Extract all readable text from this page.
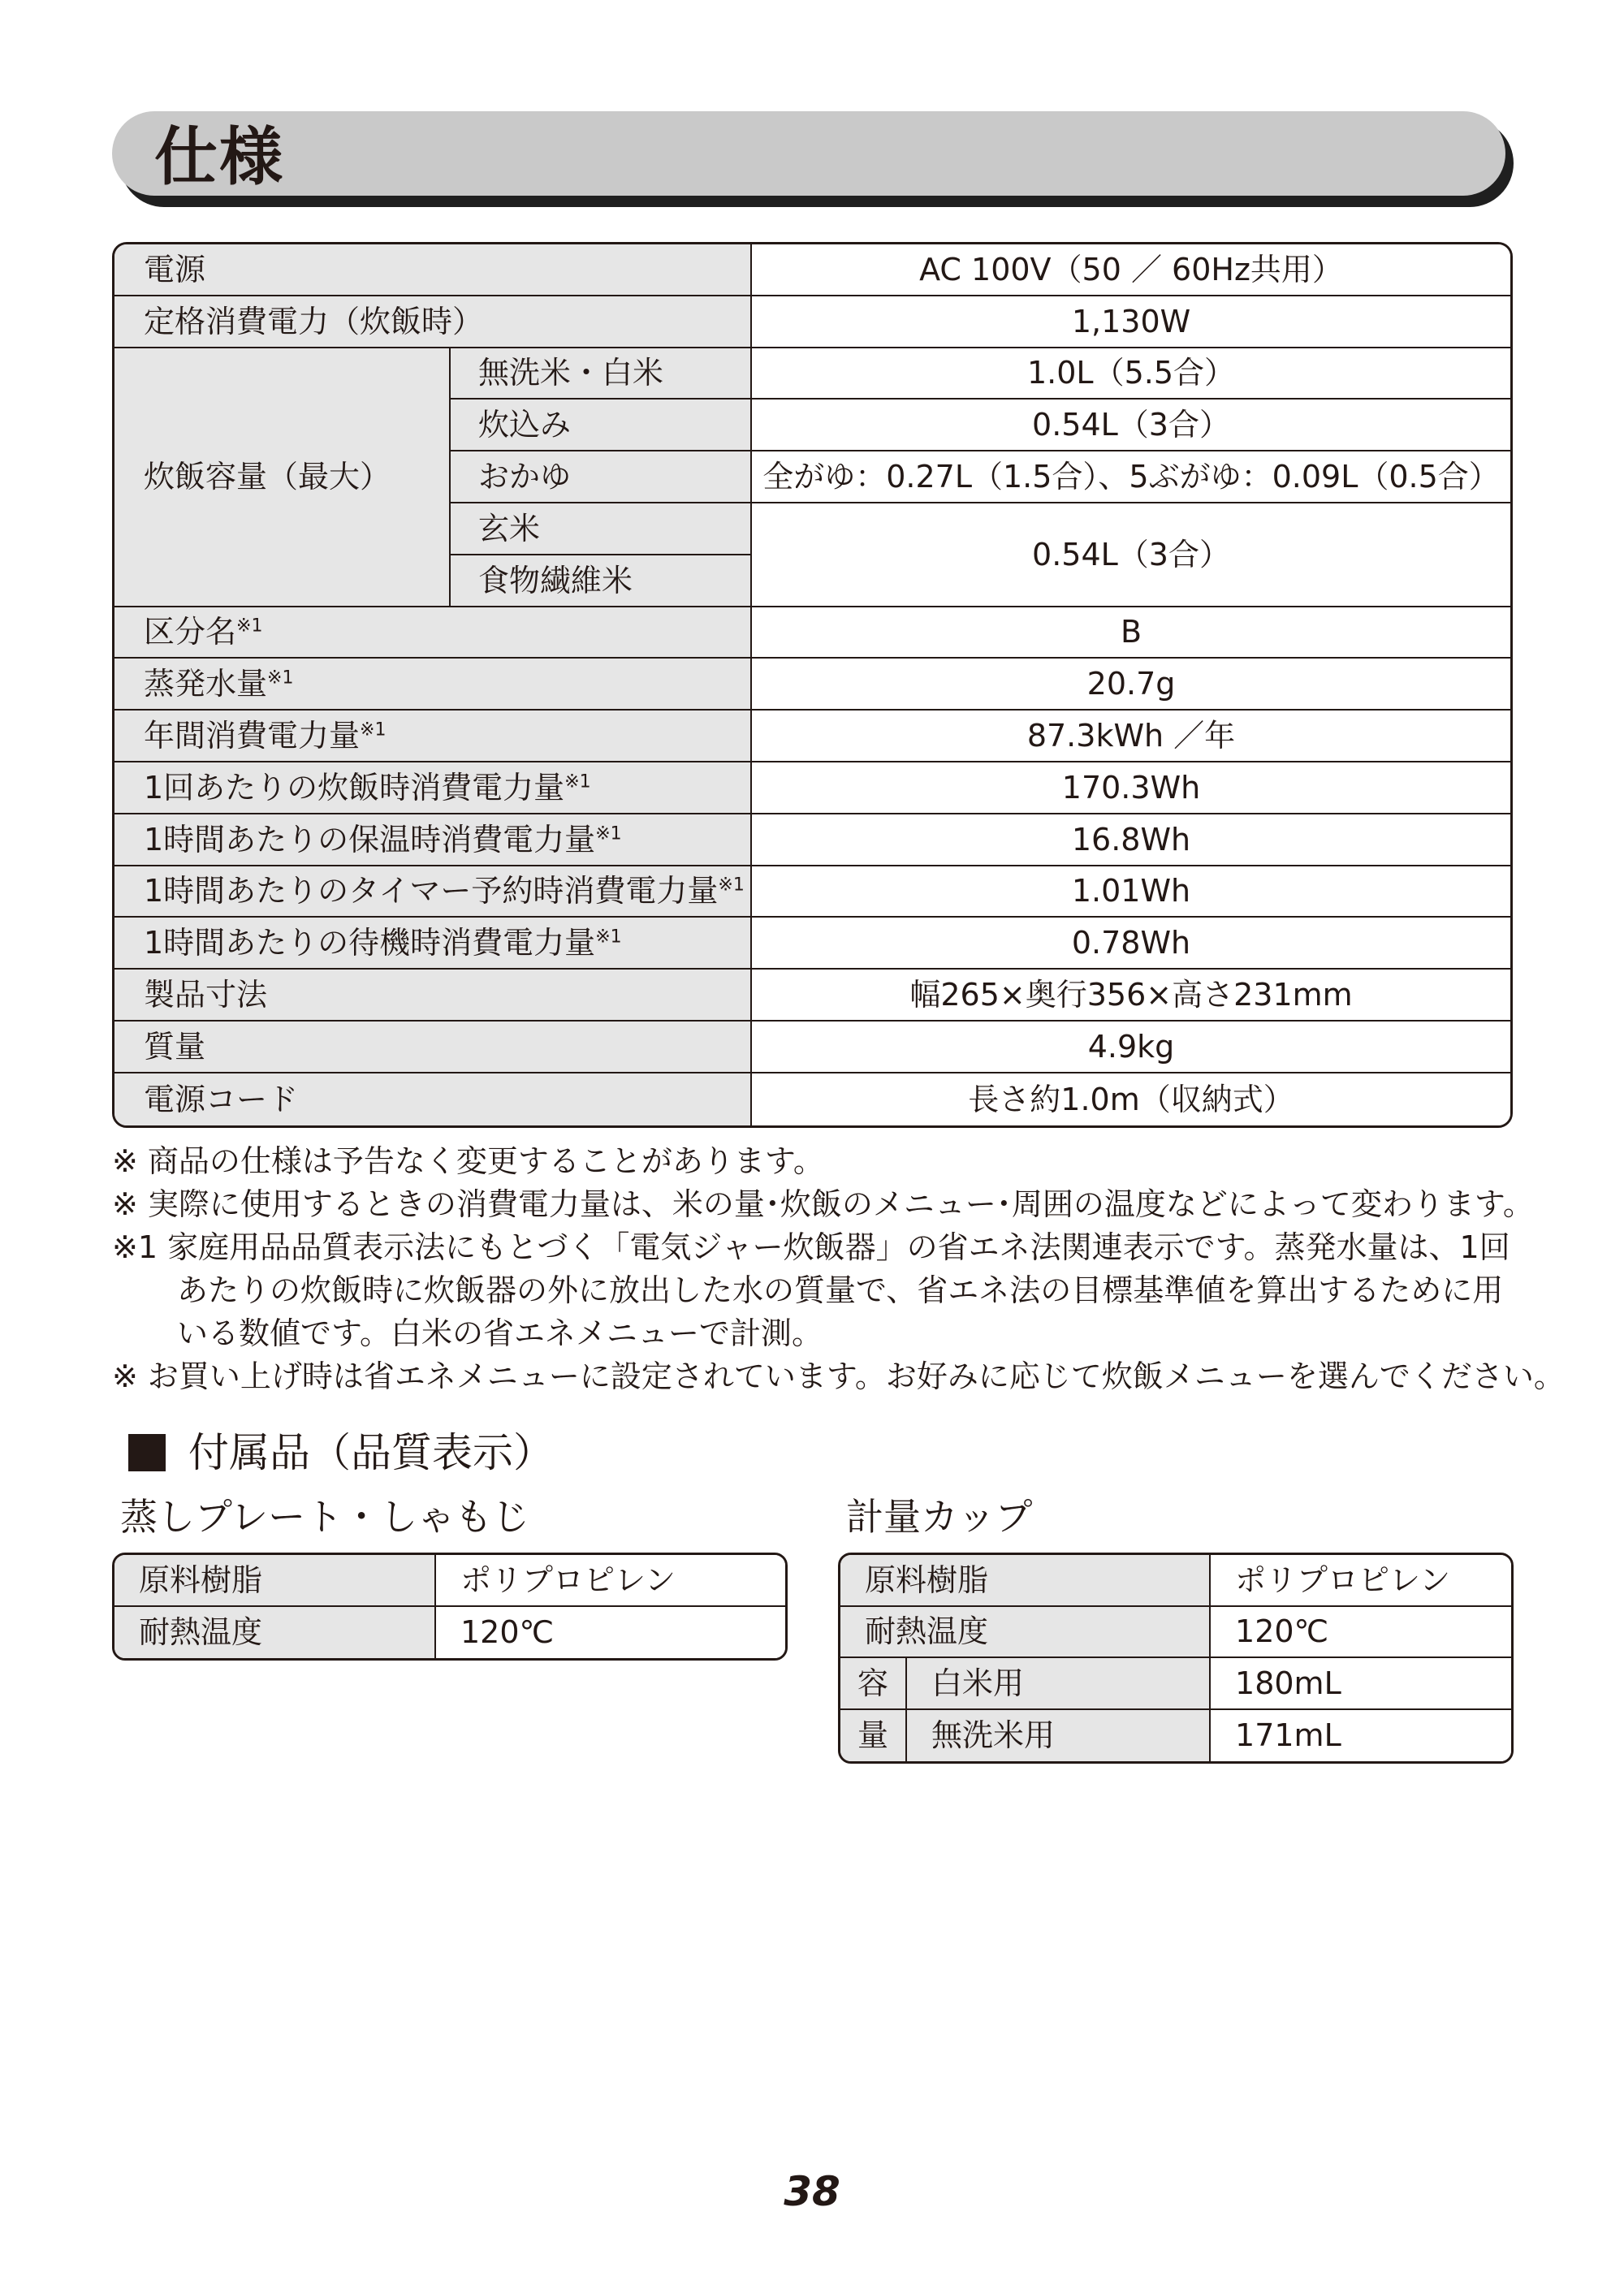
仕様
電源		AC 100V（50 ／ 60Hz共用）
定格消費電力（炊飯時）		1,130W
炊飯容量（最大）	無洗米・白米	1.0L（5.5合）
	炊込み	0.54L（3合）
	おかゆ	全がゆ：0.27L（1.5合）、5ぶがゆ：0.09L（0.5合）
	玄米	0.54L（3合）
	食物繊維米	
区分名$^{※1}$		B
蒸発水量$^{※1}$		20.7g
年間消費電力量$^{※1}$		87.3kWh ／年
1回あたりの炊飯時消費電力量$^{※1}$		170.3Wh
1時間あたりの保温時消費電力量$^{※1}$		16.8Wh
1時間あたりのタイマー予約時消費電力量$^{※1}$		1.01Wh
1時間あたりの待機時消費電力量$^{※1}$		0.78Wh
製品寸法		幅265×奥行356×高さ231mm
質量		4.9kg
電源コード		長さ約1.0m（収納式）
※ 商品の仕様は予告なく変更することがあります。
※ 実際に使用するときの消費電力量は、米の量･炊飯のメニュー･周囲の温度などによって変わります。
※1 家庭用品品質表示法にもとづく「電気ジャー炊飯器」の省エネ法関連表示です。蒸発水量は、1回
あたりの炊飯時に炊飯器の外に放出した水の質量で、省エネ法の目標基準値を算出するために用
いる数値です。白米の省エネメニューで計測。
※ お買い上げ時は省エネメニューに設定されています。お好みに応じて炊飯メニューを選んでください。
付属品（品質表示）
蒸しプレート・しゃもじ
原料樹脂	ポリプロピレン
耐熱温度	120℃
計量カップ
原料樹脂		ポリプロピレン
耐熱温度		120℃
容	白米用	180mL
量	無洗米用	171mL
38
